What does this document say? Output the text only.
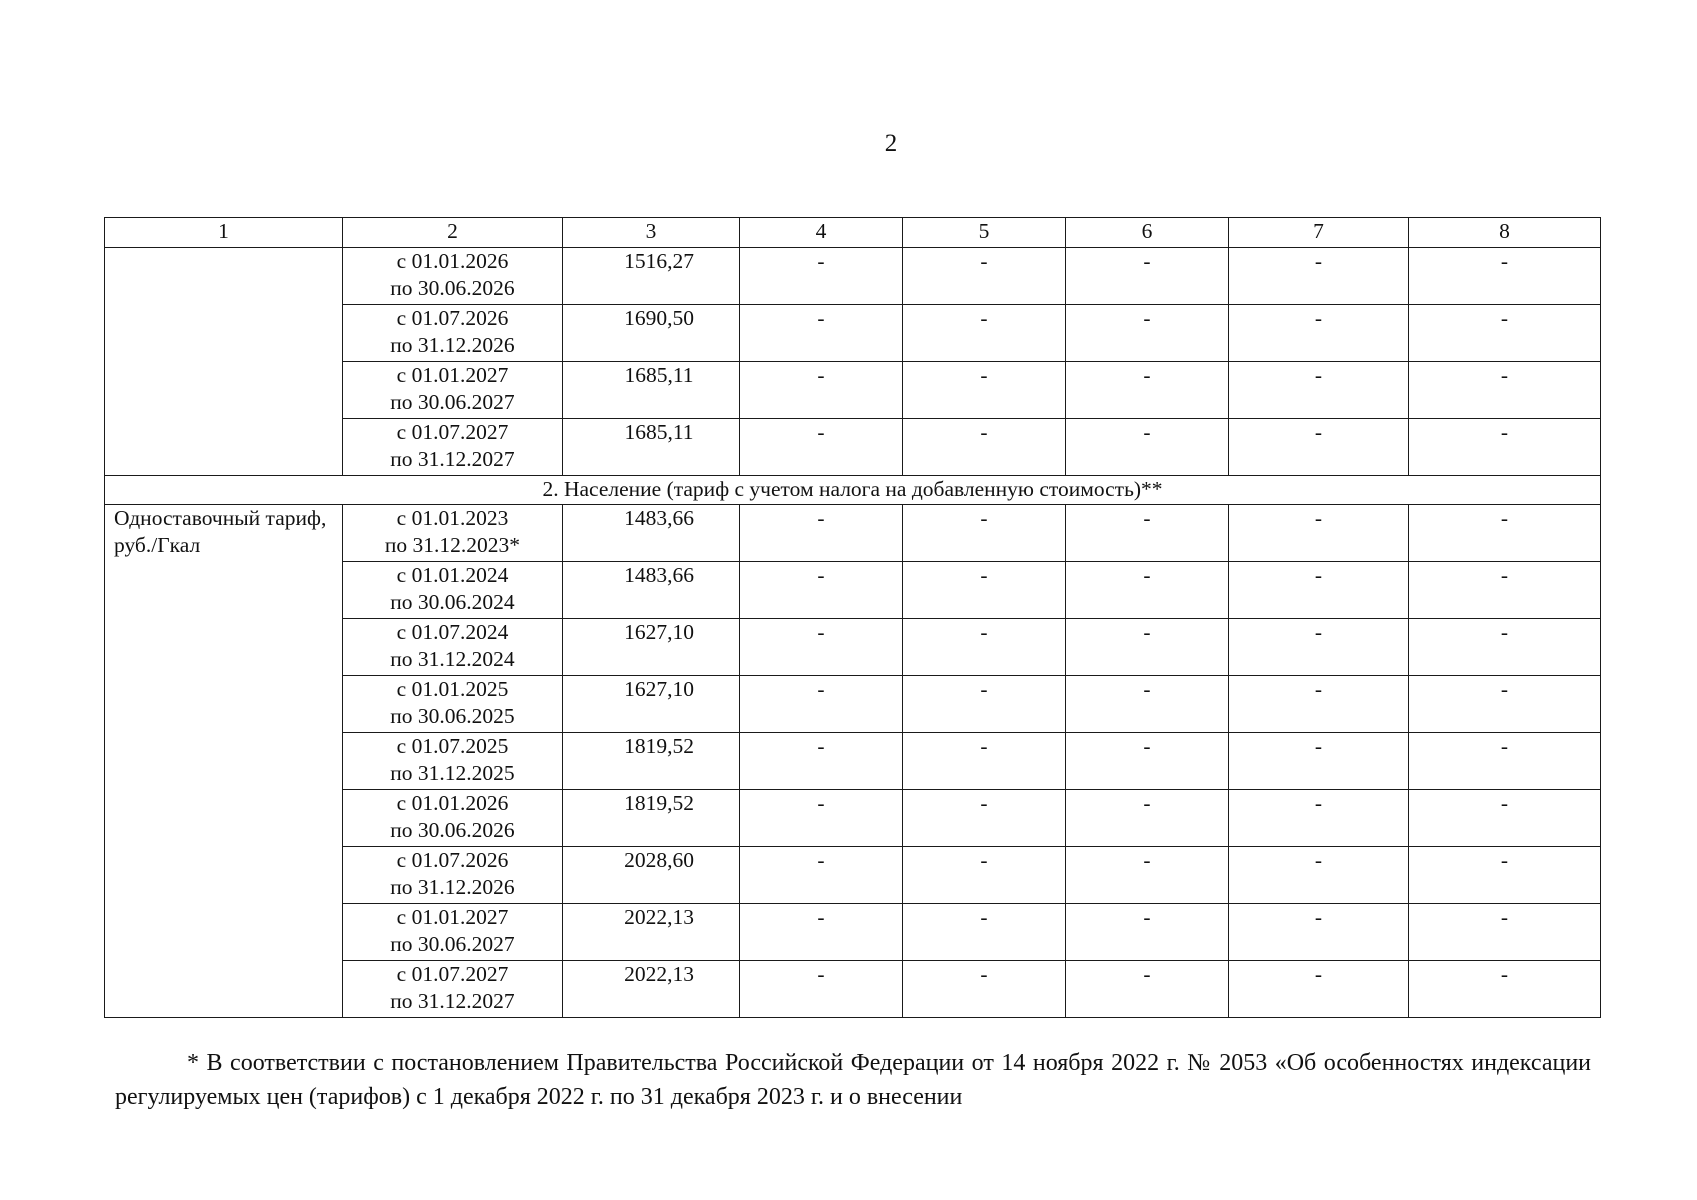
2
1	2	3	4	5	6	7	8

	с 01.01.2026
по 30.06.2026	1516,27	-	-	-	-	-

	с 01.07.2026
по 31.12.2026	1690,50	-	-	-	-	-

	с 01.01.2027
по 30.06.2027	1685,11	-	-	-	-	-

	с 01.07.2027
по 31.12.2027	1685,11	-	-	-	-	-
2. Население (тариф с учетом налога на добавленную стоимость)**							
Одноставочный тариф, руб./Гкал	с 01.01.2023
по 31.12.2023*	1483,66	-	-	-	-	-

	с 01.01.2024
по 30.06.2024	1483,66	-	-	-	-	-

	с 01.07.2024
по 31.12.2024	1627,10	-	-	-	-	-

	с 01.01.2025
по 30.06.2025	1627,10	-	-	-	-	-

	с 01.07.2025
по 31.12.2025	1819,52	-	-	-	-	-

	с 01.01.2026
по 30.06.2026	1819,52	-	-	-	-	-

	с 01.07.2026
по 31.12.2026	2028,60	-	-	-	-	-

	с 01.01.2027
по 30.06.2027	2022,13	-	-	-	-	-

	с 01.07.2027
по 31.12.2027	2022,13	-	-	-	-	-
* В соответствии с постановлением Правительства Российской Федерации от 14 ноября 2022 г. № 2053 «Об особенностях индексации регулируемых цен (тарифов) с 1 декабря 2022 г. по 31 декабря 2023 г. и о внесении
